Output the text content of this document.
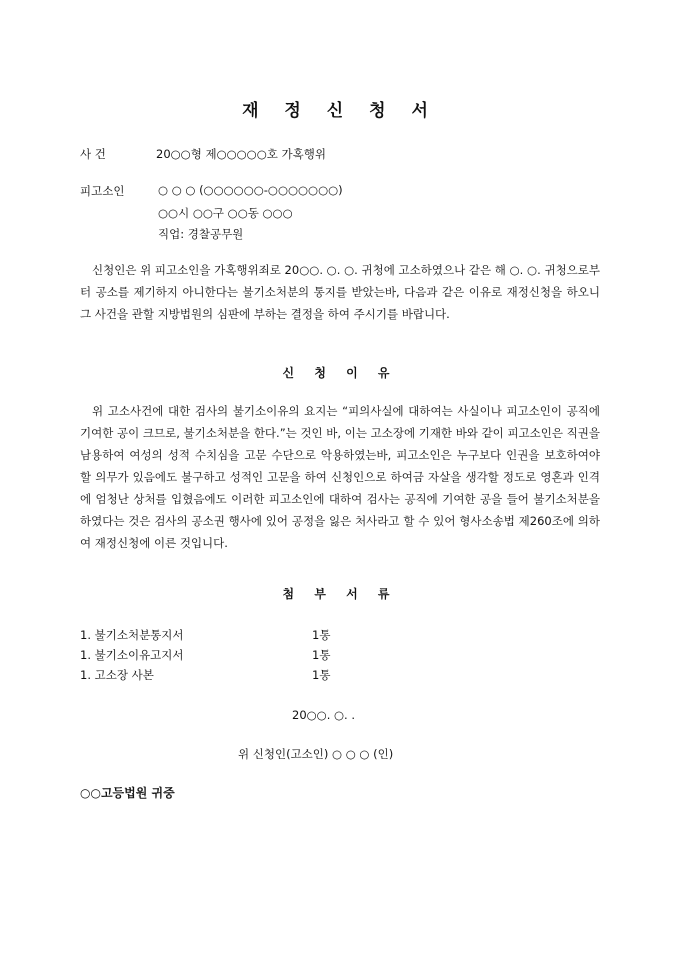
재 정 신 청 서
사 건	20○○형 제○○○○○호 가혹행위
피고소인	○ ○ ○ (○○○○○○-○○○○○○○)
○○시 ○○구 ○○동 ○○○
직업: 경찰공무원
신청인은 위 피고소인을 가혹행위죄로 20○○. ○. ○. 귀청에 고소하였으나 같은 해 ○. ○. 귀청으로부터 공소를 제기하지 아니한다는 불기소처분의 통지를 받았는바, 다음과 같은 이유로 재정신청을 하오니 그 사건을 관할 지방법원의 심판에 부하는 결정을 하여 주시기를 바랍니다.
신 청 이 유
위 고소사건에 대한 검사의 불기소이유의 요지는 “피의사실에 대하여는 사실이나 피고소인이 공직에 기여한 공이 크므로, 불기소처분을 한다.”는 것인 바, 이는 고소장에 기재한 바와 같이 피고소인은 직권을 남용하여 여성의 성적 수치심을 고문 수단으로 악용하였는바, 피고소인은 누구보다 인권을 보호하여야 할 의무가 있음에도 불구하고 성적인 고문을 하여 신청인으로 하여금 자살을 생각할 정도로 영혼과 인격에 엄청난 상처를 입혔음에도 이러한 피고소인에 대하여 검사는 공직에 기여한 공을 들어 불기소처분을 하였다는 것은 검사의 공소권 행사에 있어 공정을 잃은 처사라고 할 수 있어 형사소송법 제260조에 의하여 재정신청에 이른 것입니다.
첨 부 서 류
1. 불기소처분통지서	1통
1. 불기소이유고지서	1통
1. 고소장 사본	1통
20○○. ○. .
위 신청인(고소인) ○ ○ ○ (인)
○○고등법원 귀중
